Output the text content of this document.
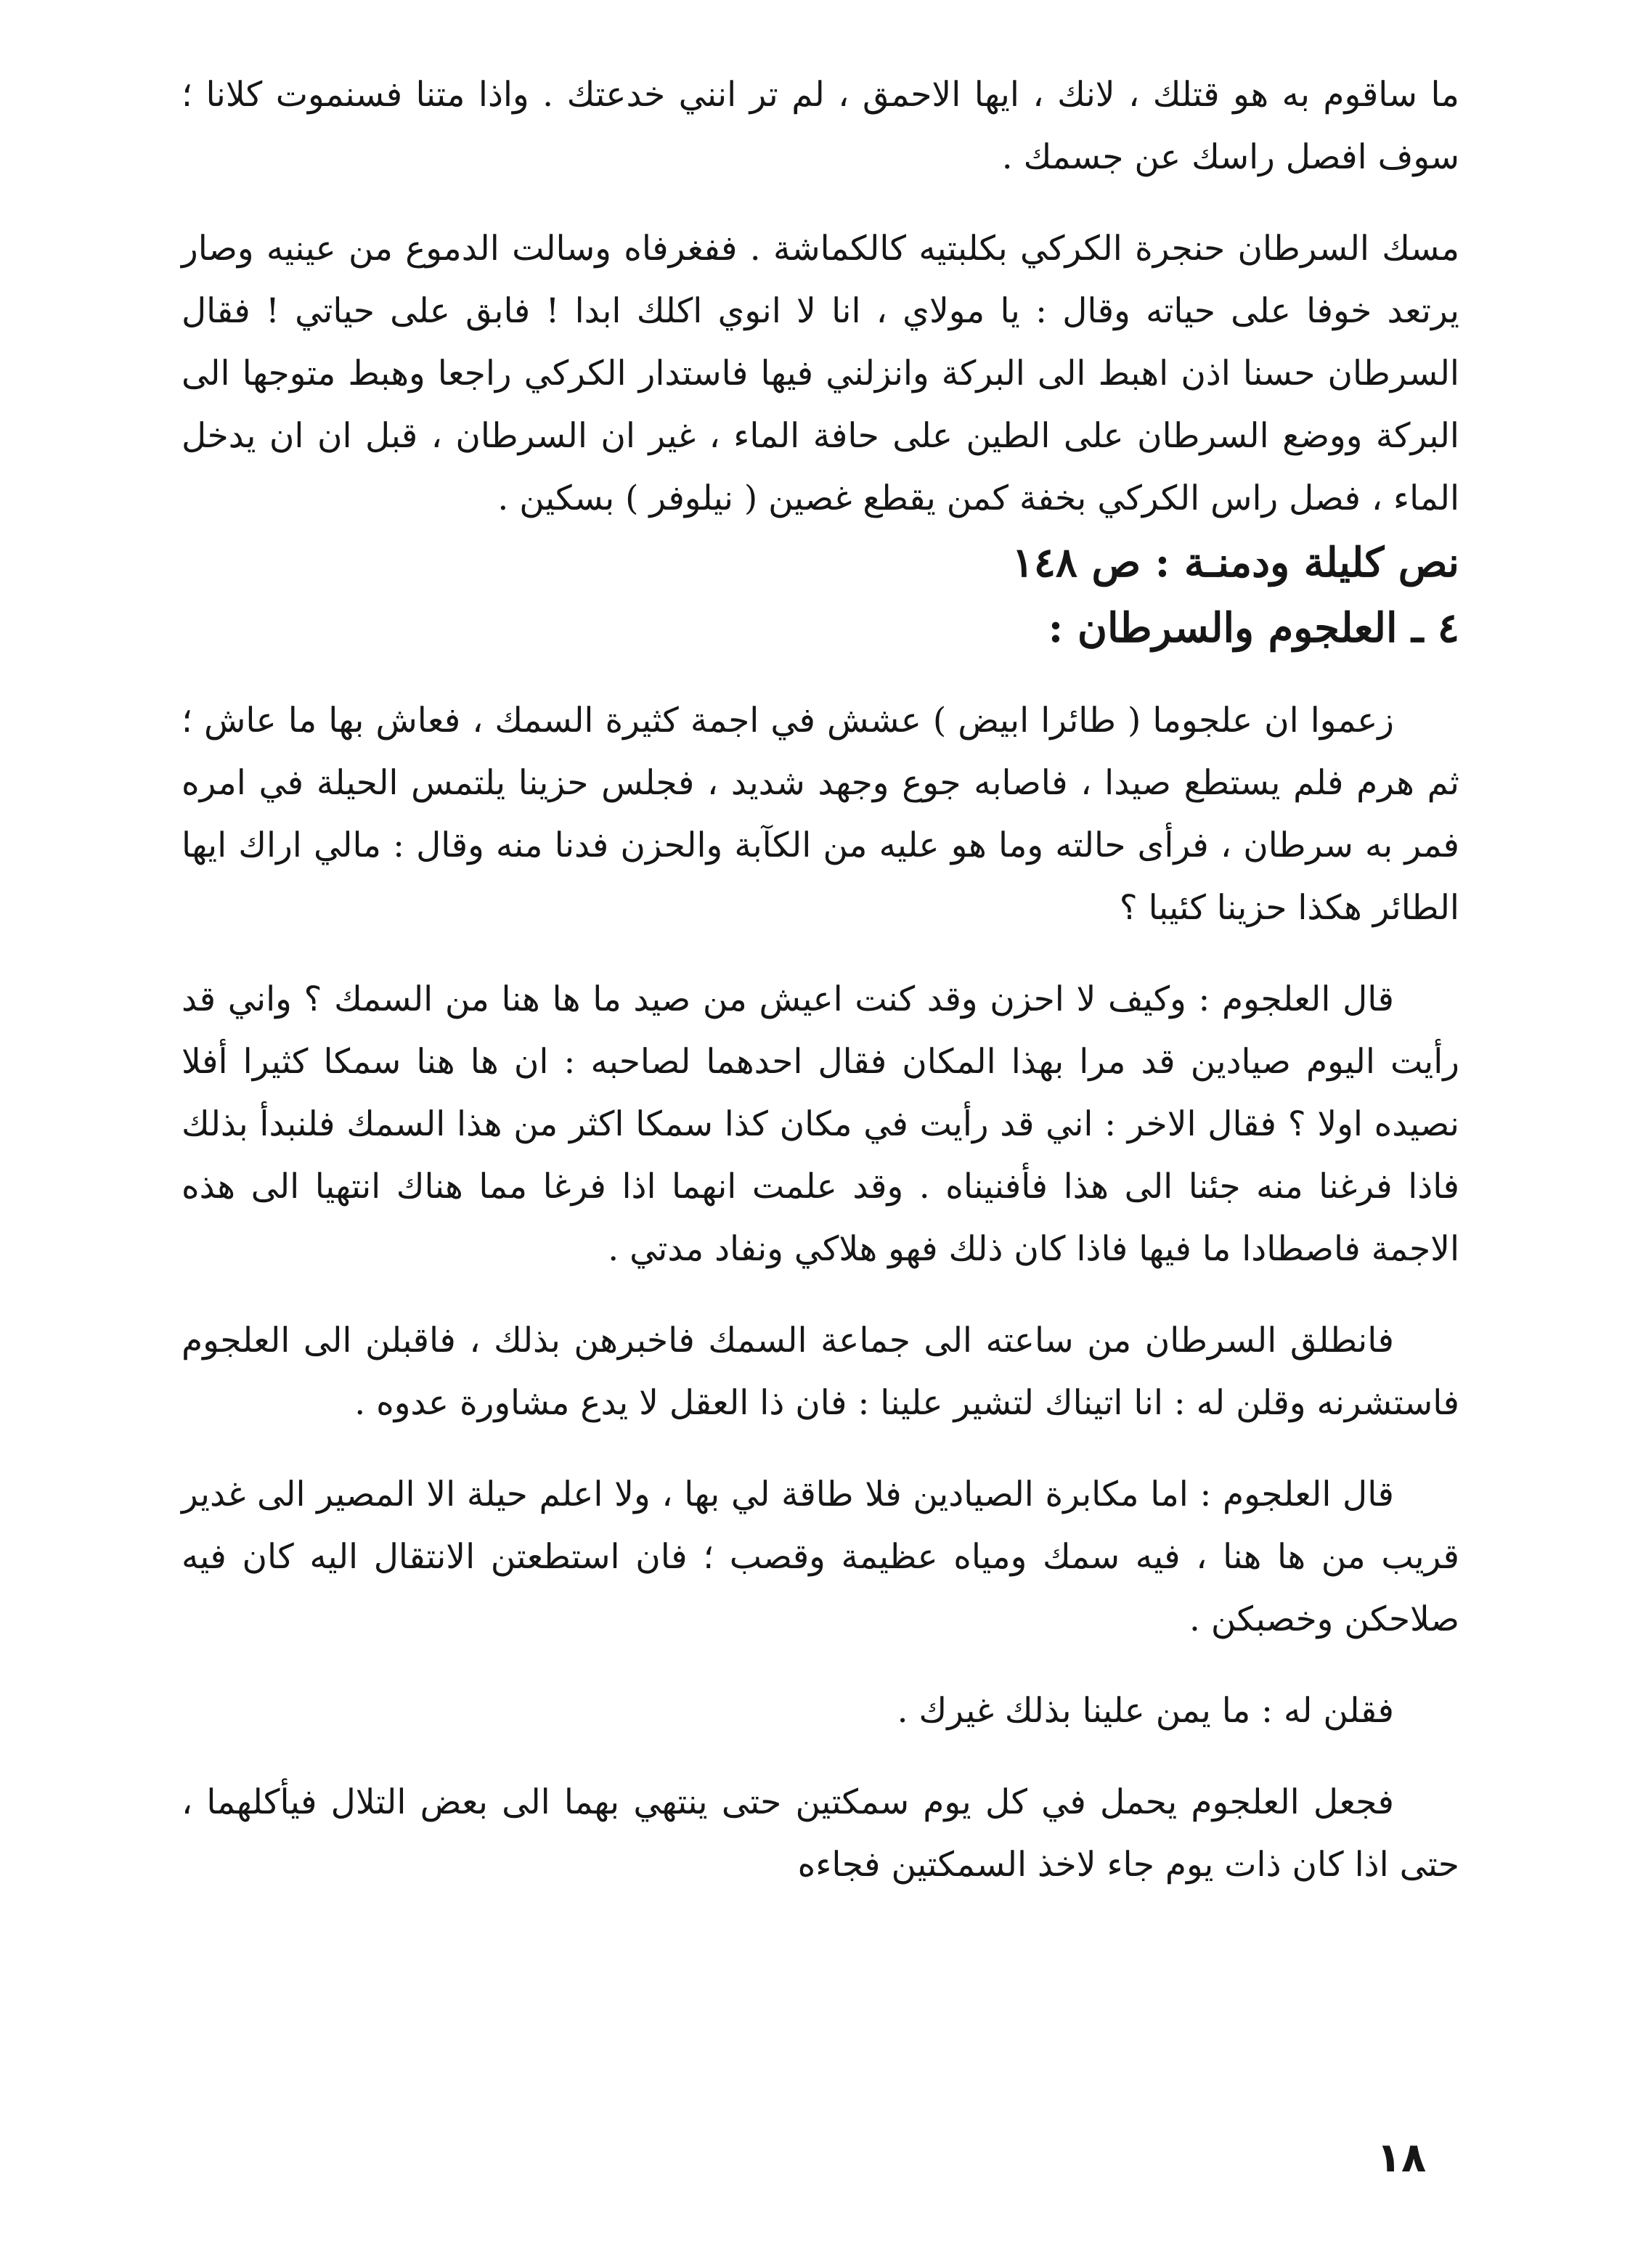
ما ساقوم به هو قتلك ، لانك ، ايها الاحمق ، لم تر انني خدعتك . واذا متنا فسنموت كلانا ؛ سوف افصل راسك عن جسمك .

مسك السرطان حنجرة الكركي بكلبتيه كالكماشة . ففغرفاه وسالت الدموع من عينيه وصار يرتعد خوفا على حياته وقال : يا مولاي ، انا لا انوي اكلك ابدا ! فابق على حياتي ! فقال السرطان حسنا اذن اهبط الى البركة وانزلني فيها فاستدار الكركي راجعا وهبط متوجها الى البركة ووضع السرطان على الطين على حافة الماء ، غير ان السرطان ، قبل ان ان يدخل الماء ، فصل راس الكركي بخفة كمن يقطع غصين ( نيلوفر ) بسكين .

نص كليلة ودمنـة : ص ١٤٨
٤ ـ العلجوم والسرطان :

زعموا ان علجوما ( طائرا ابيض ) عشش في اجمة كثيرة السمك ، فعاش بها ما عاش ؛ ثم هرم فلم يستطع صيدا ، فاصابه جوع وجهد شديد ، فجلس حزينا يلتمس الحيلة في امره فمر به سرطان ، فرأى حالته وما هو عليه من الكآبة والحزن فدنا منه وقال : مالي اراك ايها الطائر هكذا حزينا كئيبا ؟

قال العلجوم : وكيف لا احزن وقد كنت اعيش من صيد ما ها هنا من السمك ؟ واني قد رأيت اليوم صيادين قد مرا بهذا المكان فقال احدهما لصاحبه : ان ها هنا سمكا كثيرا أفلا نصيده اولا ؟ فقال الاخر : اني قد رأيت في مكان كذا سمكا اكثر من هذا السمك فلنبدأ بذلك فاذا فرغنا منه جئنا الى هذا فأفنيناه . وقد علمت انهما اذا فرغا مما هناك انتهيا الى هذه الاجمة فاصطادا ما فيها فاذا كان ذلك فهو هلاكي ونفاد مدتي .

فانطلق السرطان من ساعته الى جماعة السمك فاخبرهن بذلك ، فاقبلن الى العلجوم فاستشرنه وقلن له : انا اتيناك لتشير علينا : فان ذا العقل لا يدع مشاورة عدوه .

قال العلجوم : اما مكابرة الصيادين فلا طاقة لي بها ، ولا اعلم حيلة الا المصير الى غدير قريب من ها هنا ، فيه سمك ومياه عظيمة وقصب ؛ فان استطعتن الانتقال اليه كان فيه صلاحكن وخصبكن .

فقلن له : ما يمن علينا بذلك غيرك .

فجعل العلجوم يحمل في كل يوم سمكتين حتى ينتهي بهما الى بعض التلال فيأكلهما ، حتى اذا كان ذات يوم جاء لاخذ السمكتين فجاءه

١٨
